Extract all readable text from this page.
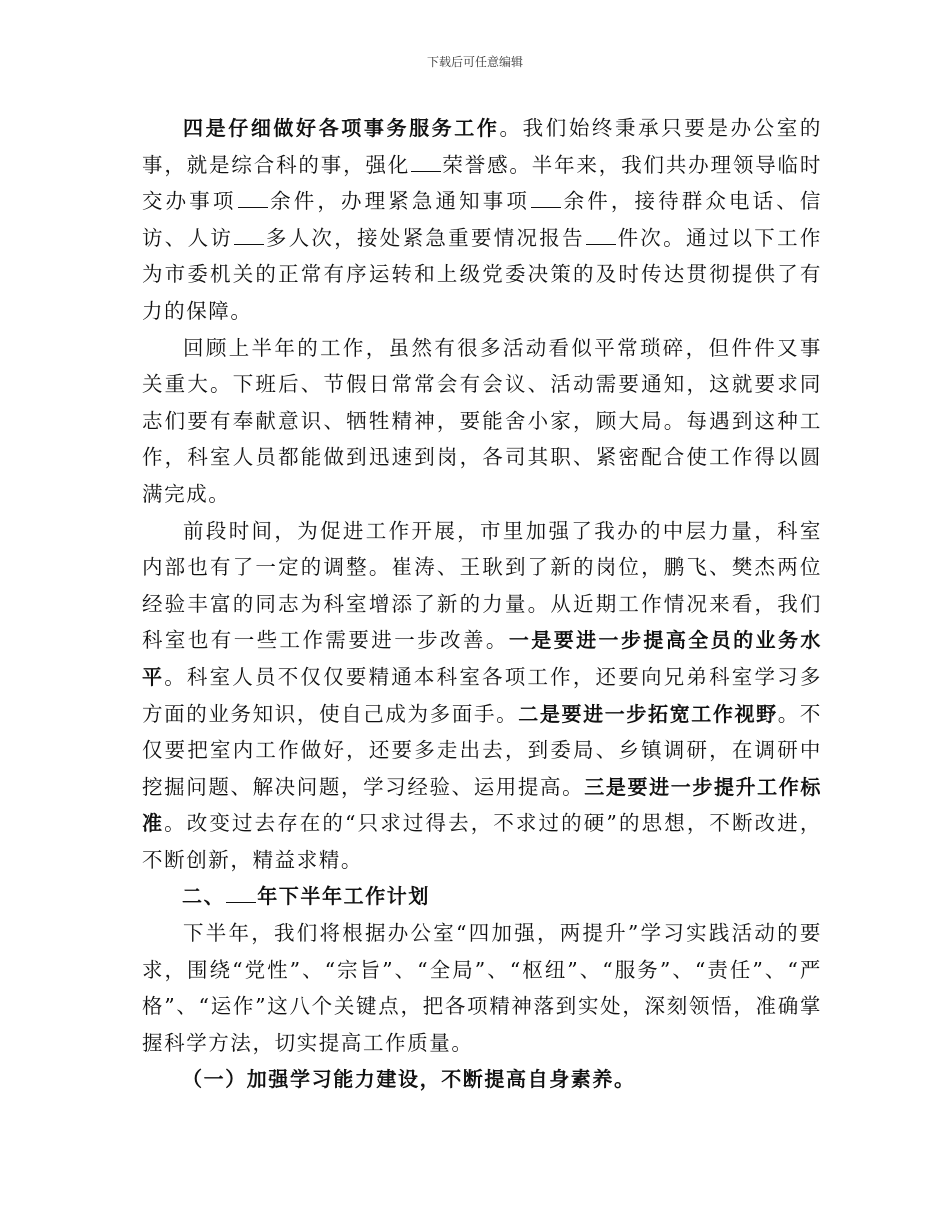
下载后可任意编辑

四是仔细做好各项事务服务工作。我们始终秉承只要是办公室的事，就是综合科的事，强化 荣誉感。半年来，我们共办理领导临时交办事项 余件，办理紧急通知事项 余件，接待群众电话、信访、人访 多人次，接处紧急重要情况报告 件次。通过以下工作为市委机关的正常有序运转和上级党委决策的及时传达贯彻提供了有力的保障。

回顾上半年的工作，虽然有很多活动看似平常琐碎，但件件又事关重大。下班后、节假日常常会有会议、活动需要通知，这就要求同志们要有奉献意识、牺牲精神，要能舍小家，顾大局。每遇到这种工作，科室人员都能做到迅速到岗，各司其职、紧密配合使工作得以圆满完成。

前段时间，为促进工作开展，市里加强了我办的中层力量，科室内部也有了一定的调整。崔涛、王耿到了新的岗位，鹏飞、樊杰两位经验丰富的同志为科室增添了新的力量。从近期工作情况来看，我们科室也有一些工作需要进一步改善。一是要进一步提高全员的业务水平。科室人员不仅仅要精通本科室各项工作，还要向兄弟科室学习多方面的业务知识，使自己成为多面手。二是要进一步拓宽工作视野。不仅要把室内工作做好，还要多走出去，到委局、乡镇调研，在调研中挖掘问题、解决问题，学习经验、运用提高。三是要进一步提升工作标准。改变过去存在的“只求过得去，不求过的硬”的思想，不断改进，不断创新，精益求精。

二、 年下半年工作计划

下半年，我们将根据办公室“四加强，两提升”学习实践活动的要求，围绕“党性”、“宗旨”、“全局”、“枢纽”、“服务”、“责任”、“严格”、“运作”这八个关键点，把各项精神落到实处，深刻领悟，准确掌握科学方法，切实提高工作质量。

（一）加强学习能力建设，不断提高自身素养。
